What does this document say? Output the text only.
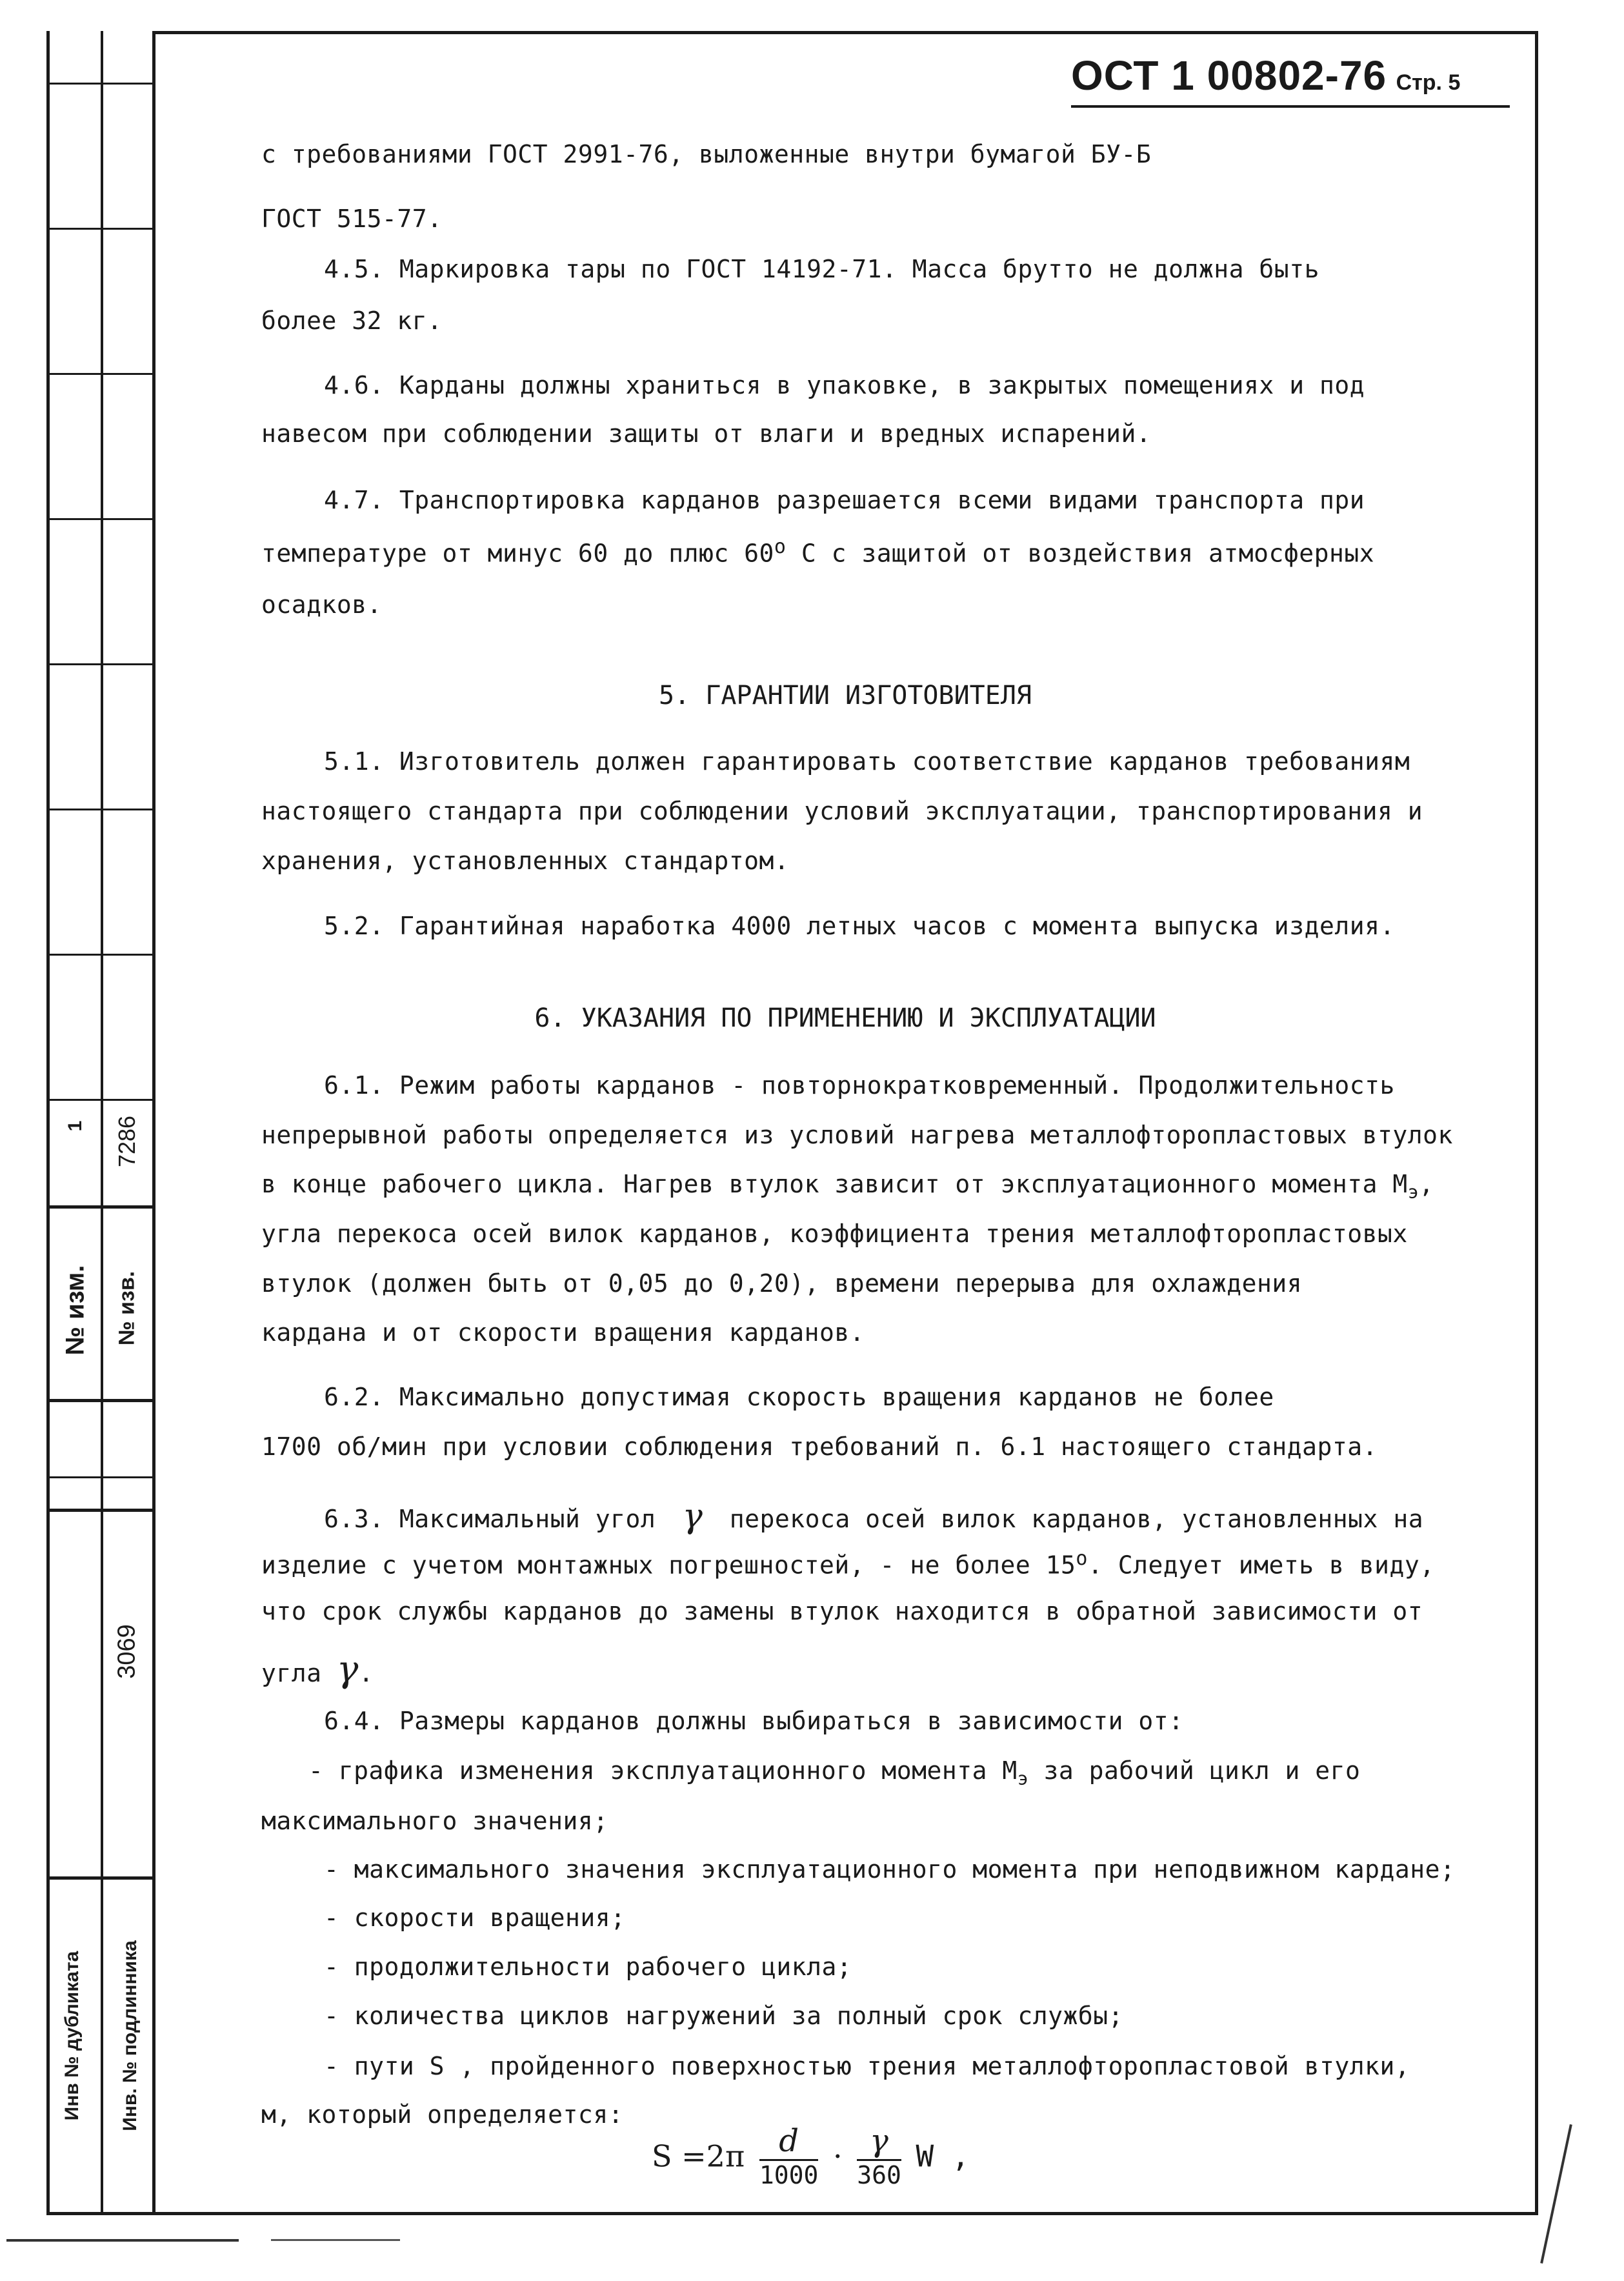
№ изм.
1
№ изв.
7286
3069
Инв № дубликата Инв. № подлинника
ОСТ 1 00802-76 Стр. 5
с требованиями ГОСТ 2991-76, выложенные внутри бумагой БУ-Б
ГОСТ 515-77.
4.5. Маркировка тары по ГОСТ 14192-71. Масса брутто не должна быть
более 32 кг.
4.6. Карданы должны храниться в упаковке, в закрытых помещениях и под
навесом при соблюдении защиты от влаги и вредных испарений.
4.7. Транспортировка карданов разрешается всеми видами транспорта при
температуре от минус 60 до плюс 60$^o$ С с защитой от воздействия атмосферных
осадков.
5. ГАРАНТИИ ИЗГОТОВИТЕЛЯ
5.1. Изготовитель должен гарантировать соответствие карданов требованиям
настоящего стандарта при соблюдении условий эксплуатации, транспортирования и
хранения, установленных стандартом.
5.2. Гарантийная наработка 4000 летных часов с момента выпуска изделия.
6. УКАЗАНИЯ ПО ПРИМЕНЕНИЮ И ЭКСПЛУАТАЦИИ
6.1. Режим работы карданов - повторнократковременный. Продолжительность
непрерывной работы определяется из условий нагрева металлофторопластовых втулок
в конце рабочего цикла. Нагрев втулок зависит от эксплуатационного момента $М_э$,
угла перекоса осей вилок карданов, коэффициента трения металлофторопластовых
втулок (должен быть от 0,05 до 0,20), времени перерыва для охлаждения
кардана и от скорости вращения карданов.
6.2. Максимально допустимая скорость вращения карданов не более
1700 об/мин при условии соблюдения требований п. 6.1 настоящего стандарта.
6.3. Максимальный угол γ перекоса осей вилок карданов, установленных на
изделие с учетом монтажных погрешностей, - не более 15$^o$. Следует иметь в виду,
что срок службы карданов до замены втулок находится в обратной зависимости от
угла γ.
6.4. Размеры карданов должны выбираться в зависимости от:
- графика изменения эксплуатационного момента $М_э$ за рабочий цикл и его
максимального значения;
- максимального значения эксплуатационного момента при неподвижном кардане;
- скорости вращения;
- продолжительности рабочего цикла;
- количества циклов нагружений за полный срок службы;
- пути S , пройденного поверхностью трения металлофторопластовой втулки,
м, который определяется:
$S =2\pi \frac{d}{1000} \cdot \frac{\gamma}{360}$ W ,
